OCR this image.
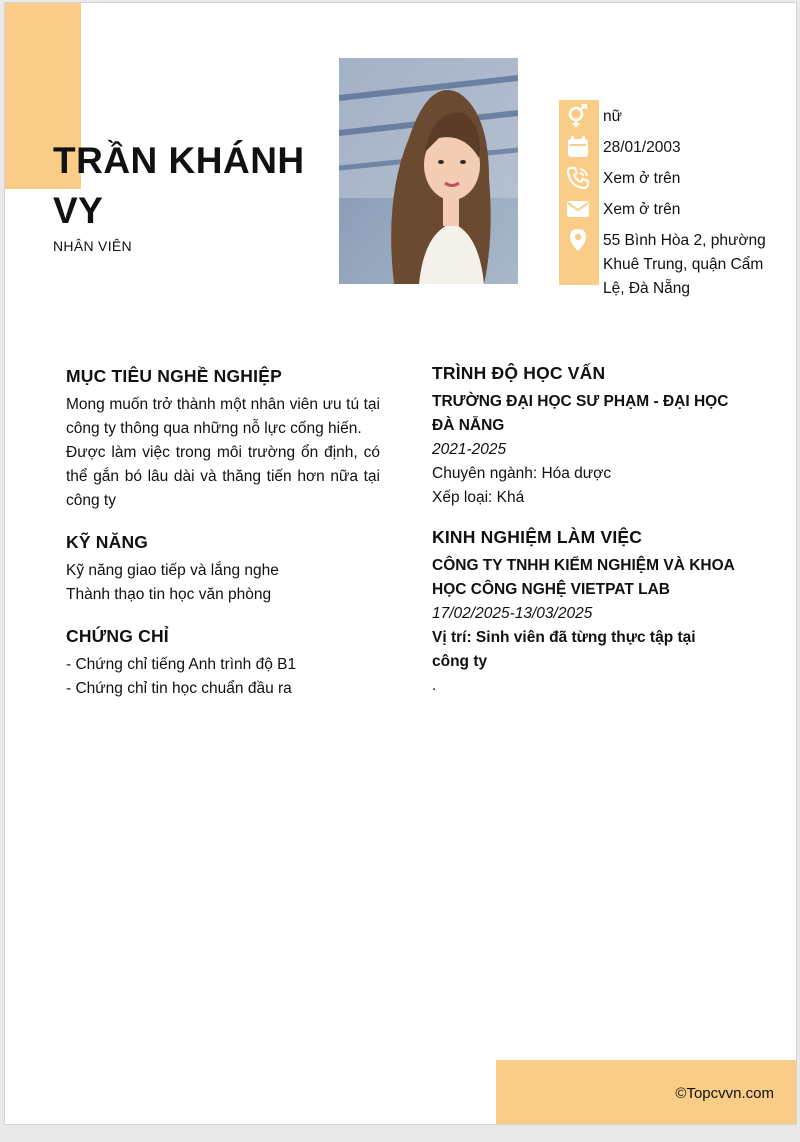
TRẦN KHÁNH VY
NHÂN VIÊN
nữ
28/01/2003
Xem ở trên
Xem ở trên
55 Bình Hòa 2, phường Khuê Trung, quận Cẩm Lệ, Đà Nẵng
MỤC TIÊU NGHỀ NGHIỆP

Mong muốn trở thành một nhân viên ưu tú tại công ty thông qua những nỗ lực cống hiến.

Được làm việc trong môi trường ổn định, có thể gắn bó lâu dài và thăng tiến hơn nữa tại công ty

KỸ NĂNG

Kỹ năng giao tiếp và lắng nghe

Thành thạo tin học văn phòng

CHỨNG CHỈ

- Chứng chỉ tiếng Anh trình độ B1

- Chứng chỉ tin học chuẩn đầu ra

TRÌNH ĐỘ HỌC VẤN

TRƯỜNG ĐẠI HỌC SƯ PHẠM - ĐẠI HỌC ĐÀ NẴNG

2021-2025

Chuyên ngành: Hóa dược

Xếp loại: Khá

KINH NGHIỆM LÀM VIỆC

CÔNG TY TNHH KIỂM NGHIỆM VÀ KHOA HỌC CÔNG NGHỆ VIETPAT LAB

17/02/2025-13/03/2025

Vị trí: Sinh viên đã từng thực tập tại công ty

.

©Topcvvn.com
